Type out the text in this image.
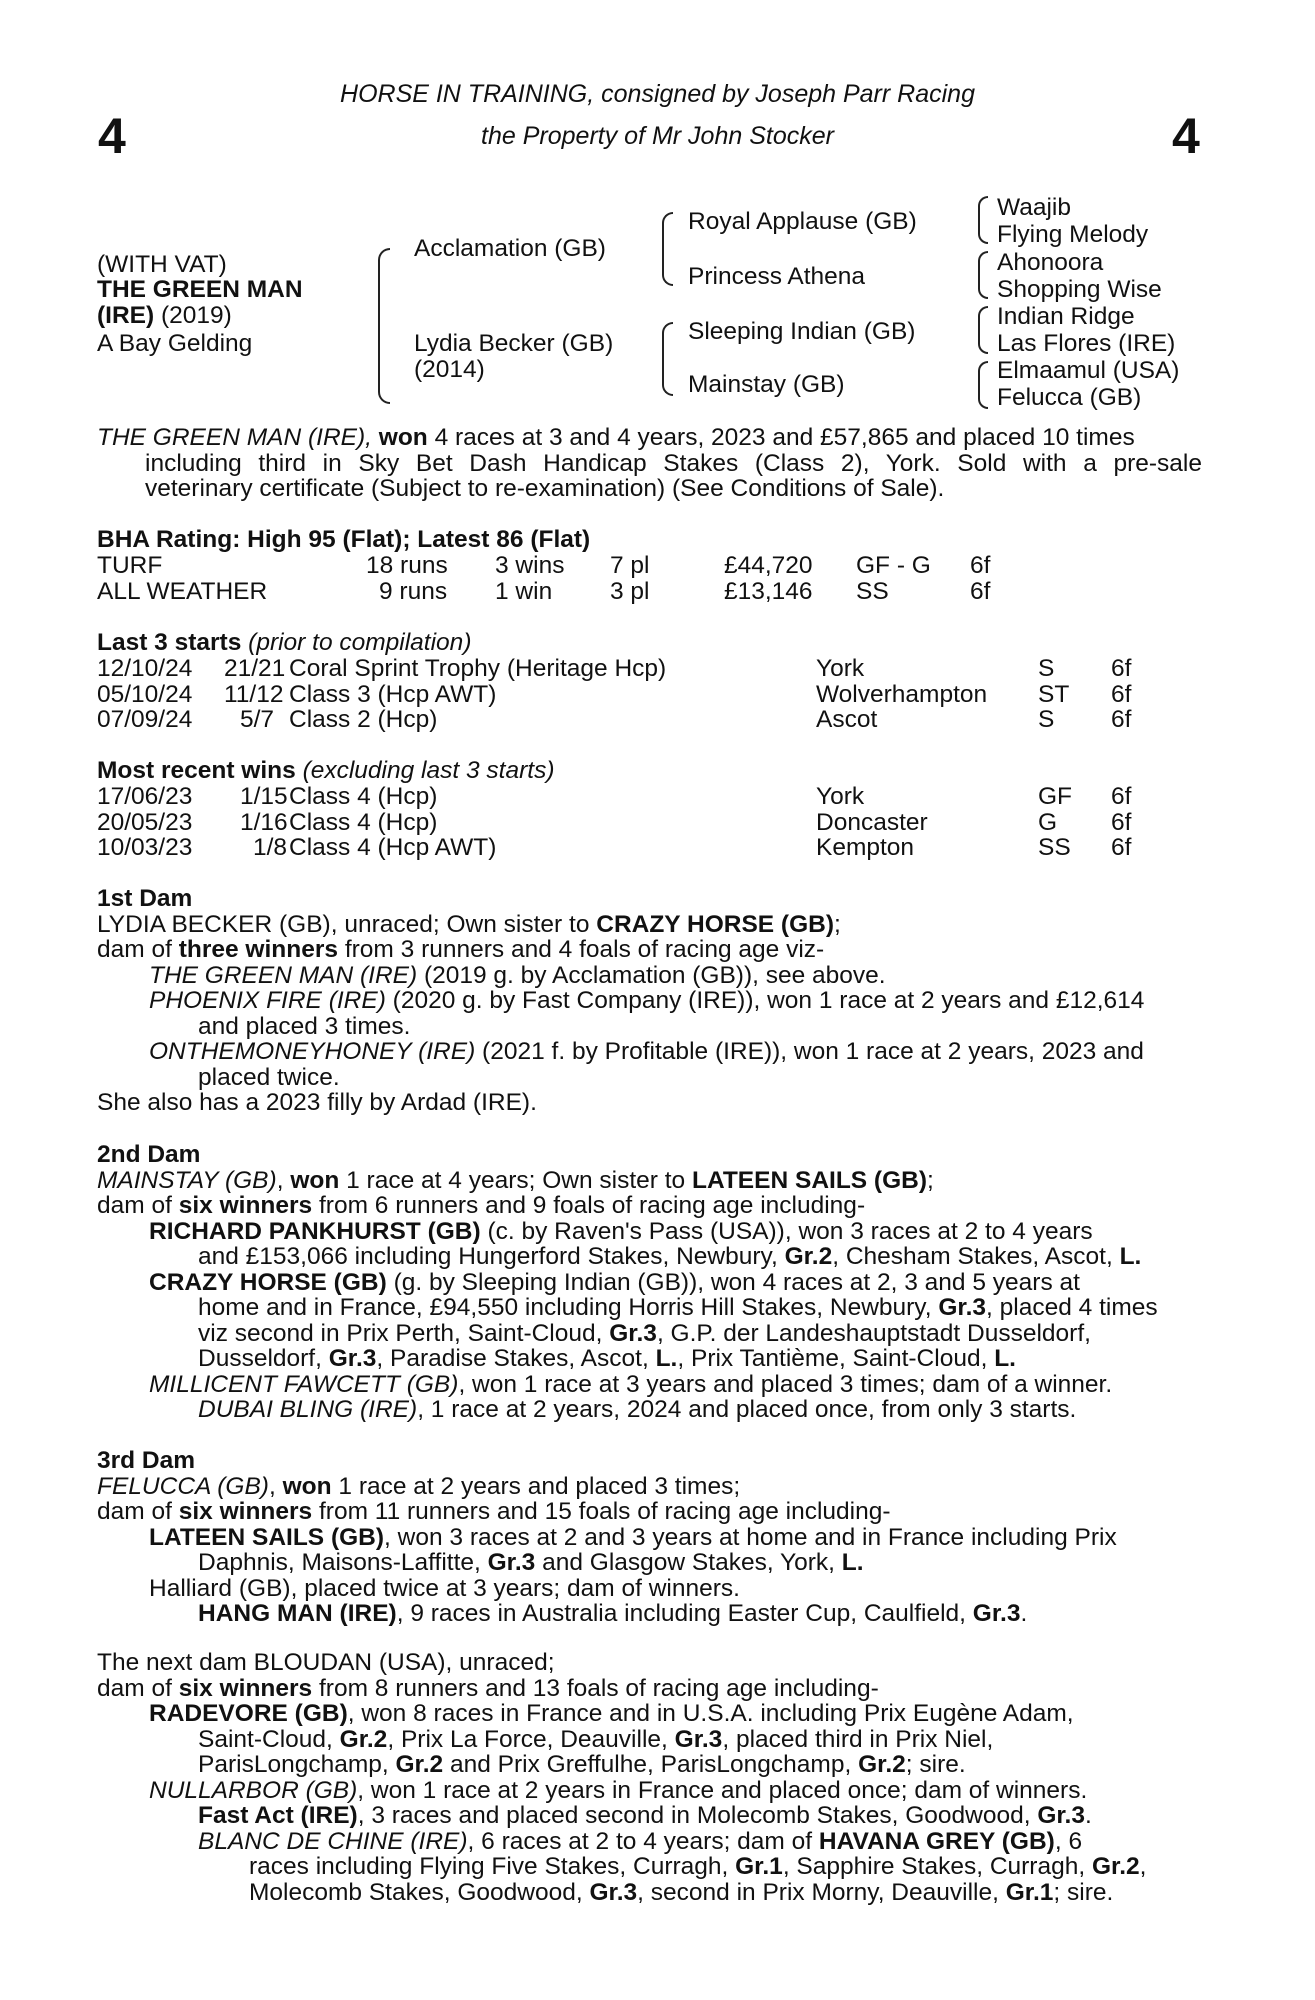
4	4
HORSE IN TRAINING, consigned by Joseph Parr Racing
the Property of Mr John Stocker
(WITH VAT)
THE GREEN MAN
(IRE) (2019)
A Bay Gelding
Acclamation (GB)
Lydia Becker (GB)
(2014)
Royal Applause (GB)
Princess Athena
Sleeping Indian (GB)
Mainstay (GB)
Waajib
Flying Melody
Ahonoora
Shopping Wise
Indian Ridge
Las Flores (IRE)
Elmaamul (USA)
Felucca (GB)
THE GREEN MAN (IRE), won 4 races at 3 and 4 years, 2023 and £57,865 and placed 10 times
including third in Sky Bet Dash Handicap Stakes (Class 2), York. Sold with a pre-sale
veterinary certificate (Subject to re-examination) (See Conditions of Sale).
BHA Rating: High 95 (Flat); Latest 86 (Flat)
TURF	18 runs 3 wins 7 pl	£44,720 GF - G 6f
ALL WEATHER	9 runs 1 win 3 pl	£13,146 SS	6f
Last 3 starts (prior to compilation)
12/10/24 21/21 Coral Sprint Trophy (Heritage Hcp)	York	S 6f
05/10/24 11/12 Class 3 (Hcp AWT)	Wolverhampton ST 6f
07/09/24 5/7 Class 2 (Hcp)	Ascot	S 6f
Most recent wins (excluding last 3 starts)
17/06/23 1/15 Class 4 (Hcp)	York	GF 6f
20/05/23 1/16 Class 4 (Hcp)	Doncaster	G 6f
10/03/23 1/8 Class 4 (Hcp AWT)	Kempton	SS 6f
1st Dam
LYDIA BECKER (GB), unraced; Own sister to CRAZY HORSE (GB);
dam of three winners from 3 runners and 4 foals of racing age viz-
THE GREEN MAN (IRE) (2019 g. by Acclamation (GB)), see above.
PHOENIX FIRE (IRE) (2020 g. by Fast Company (IRE)), won 1 race at 2 years and £12,614
and placed 3 times.
ONTHEMONEYHONEY (IRE) (2021 f. by Profitable (IRE)), won 1 race at 2 years, 2023 and
placed twice.
She also has a 2023 filly by Ardad (IRE).
2nd Dam
MAINSTAY (GB), won 1 race at 4 years; Own sister to LATEEN SAILS (GB);
dam of six winners from 6 runners and 9 foals of racing age including-
RICHARD PANKHURST (GB) (c. by Raven's Pass (USA)), won 3 races at 2 to 4 years
and £153,066 including Hungerford Stakes, Newbury, Gr.2, Chesham Stakes, Ascot, L.
CRAZY HORSE (GB) (g. by Sleeping Indian (GB)), won 4 races at 2, 3 and 5 years at
home and in France, £94,550 including Horris Hill Stakes, Newbury, Gr.3, placed 4 times
viz second in Prix Perth, Saint-Cloud, Gr.3, G.P. der Landeshauptstadt Dusseldorf,
Dusseldorf, Gr.3, Paradise Stakes, Ascot, L., Prix Tantième, Saint-Cloud, L.
MILLICENT FAWCETT (GB), won 1 race at 3 years and placed 3 times; dam of a winner.
DUBAI BLING (IRE), 1 race at 2 years, 2024 and placed once, from only 3 starts.
3rd Dam
FELUCCA (GB), won 1 race at 2 years and placed 3 times;
dam of six winners from 11 runners and 15 foals of racing age including-
LATEEN SAILS (GB), won 3 races at 2 and 3 years at home and in France including Prix
Daphnis, Maisons-Laffitte, Gr.3 and Glasgow Stakes, York, L.
Halliard (GB), placed twice at 3 years; dam of winners.
HANG MAN (IRE), 9 races in Australia including Easter Cup, Caulfield, Gr.3.
The next dam BLOUDAN (USA), unraced;
dam of six winners from 8 runners and 13 foals of racing age including-
RADEVORE (GB), won 8 races in France and in U.S.A. including Prix Eugène Adam,
Saint-Cloud, Gr.2, Prix La Force, Deauville, Gr.3, placed third in Prix Niel,
ParisLongchamp, Gr.2 and Prix Greffulhe, ParisLongchamp, Gr.2; sire.
NULLARBOR (GB), won 1 race at 2 years in France and placed once; dam of winners.
Fast Act (IRE), 3 races and placed second in Molecomb Stakes, Goodwood, Gr.3.
BLANC DE CHINE (IRE), 6 races at 2 to 4 years; dam of HAVANA GREY (GB), 6
races including Flying Five Stakes, Curragh, Gr.1, Sapphire Stakes, Curragh, Gr.2,
Molecomb Stakes, Goodwood, Gr.3, second in Prix Morny, Deauville, Gr.1; sire.
